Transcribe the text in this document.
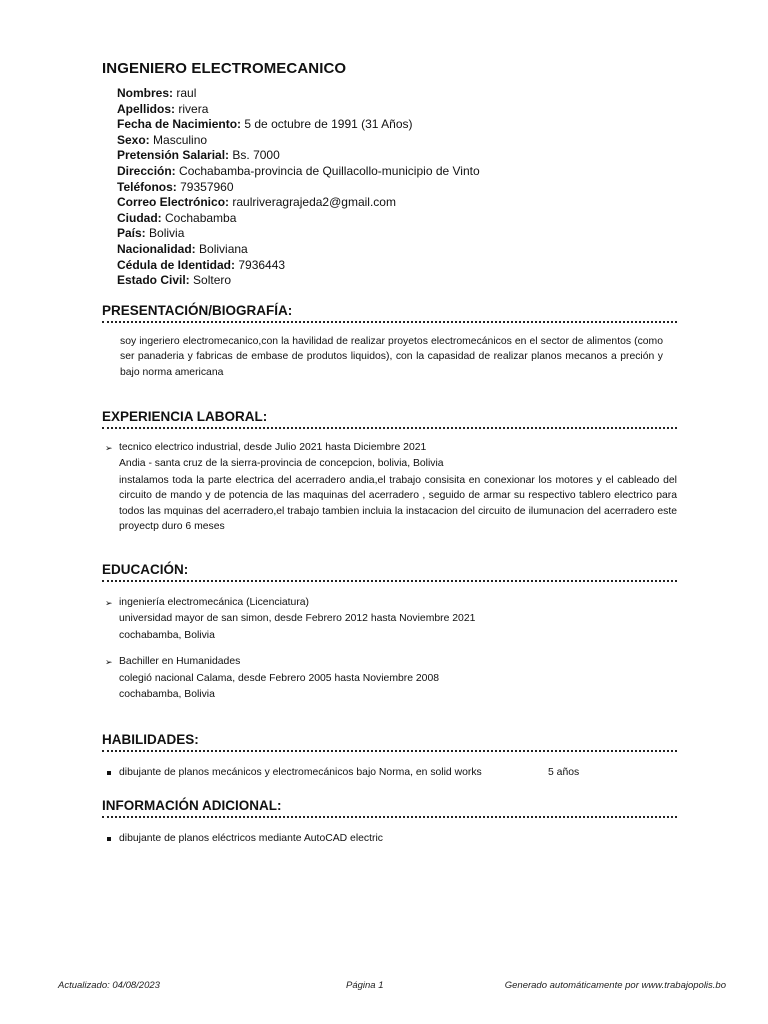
INGENIERO ELECTROMECANICO
Nombres: raul
Apellidos: rivera
Fecha de Nacimiento: 5 de octubre de 1991 (31 Años)
Sexo: Masculino
Pretensión Salarial: Bs. 7000
Dirección: Cochabamba-provincia de Quillacollo-municipio de Vinto
Teléfonos: 79357960
Correo Electrónico: raulriveragrajeda2@gmail.com
Ciudad: Cochabamba
País: Bolivia
Nacionalidad: Boliviana
Cédula de Identidad: 7936443
Estado Civil: Soltero
PRESENTACIÓN/BIOGRAFÍA:
soy ingeriero electromecanico,con la havilidad de realizar proyetos electromecánicos en el sector de alimentos (como ser panaderia y fabricas de embase de produtos liquidos), con la capasidad de realizar planos mecanos a preción y bajo norma americana
EXPERIENCIA LABORAL:
➢ tecnico electrico industrial, desde Julio 2021 hasta Diciembre 2021
Andia - santa cruz de la sierra-provincia de concepcion, bolivia, Bolivia
instalamos toda la parte electrica del acerradero andia,el trabajo consisita en conexionar los motores y el cableado del circuito de mando y de potencia de las maquinas del acerradero , seguido de armar su respectivo tablero electrico para todos las mquinas del acerradero,el trabajo tambien incluia la instacacion del circuito de ilumunacion del acerradero este proyectp duro 6 meses
EDUCACIÓN:
➢ ingeniería electromecánica (Licenciatura)
universidad mayor de san simon, desde Febrero 2012 hasta Noviembre 2021
cochabamba, Bolivia
➢ Bachiller en Humanidades
colegió nacional Calama, desde Febrero 2005 hasta Noviembre 2008
cochabamba, Bolivia
HABILIDADES:
dibujante de planos mecánicos y electromecánicos bajo Norma, en solid works	5 años
INFORMACIÓN ADICIONAL:
dibujante de planos eléctricos mediante AutoCAD electric
Actualizado: 04/08/2023	Página 1	Generado automáticamente por www.trabajopolis.bo
